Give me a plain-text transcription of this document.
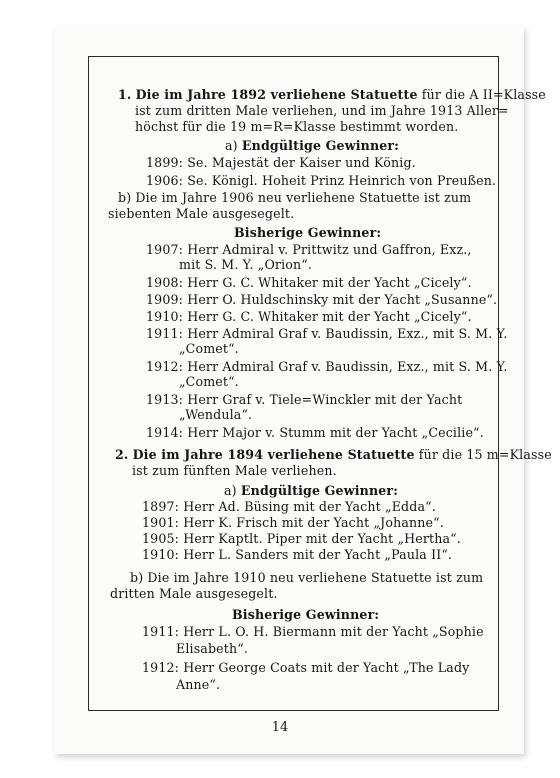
1. Die im Jahre 1892 verliehene Statuette für die A II=Klasse
ist zum dritten Male verliehen, und im Jahre 1913 Aller=
höchst für die 19 m=R=Klasse bestimmt worden.
a) Endgültige Gewinner:
1899: Se. Majestät der Kaiser und König.
1906: Se. Königl. Hoheit Prinz Heinrich von Preußen.
b) Die im Jahre 1906 neu verliehene Statuette ist zum
siebenten Male ausgesegelt.
Bisherige Gewinner:
1907: Herr Admiral v. Prittwitz und Gaffron, Exz.,
mit S. M. Y. „Orion“.
1908: Herr G. C. Whitaker mit der Yacht „Cicely“.
1909: Herr O. Huldschinsky mit der Yacht „Susanne“.
1910: Herr G. C. Whitaker mit der Yacht „Cicely“.
1911: Herr Admiral Graf v. Baudissin, Exz., mit S. M. Y.
„Comet“.
1912: Herr Admiral Graf v. Baudissin, Exz., mit S. M. Y.
„Comet“.
1913: Herr Graf v. Tiele=Winckler mit der Yacht
„Wendula“.
1914: Herr Major v. Stumm mit der Yacht „Cecilie“.
2. Die im Jahre 1894 verliehene Statuette für die 15 m=Klasse
ist zum fünften Male verliehen.
a) Endgültige Gewinner:
1897: Herr Ad. Büsing mit der Yacht „Edda“.
1901: Herr K. Frisch mit der Yacht „Johanne“.
1905: Herr Kaptlt. Piper mit der Yacht „Hertha“.
1910: Herr L. Sanders mit der Yacht „Paula II“.
b) Die im Jahre 1910 neu verliehene Statuette ist zum
dritten Male ausgesegelt.
Bisherige Gewinner:
1911: Herr L. O. H. Biermann mit der Yacht „Sophie
Elisabeth“.
1912: Herr George Coats mit der Yacht „The Lady
Anne“.
14
